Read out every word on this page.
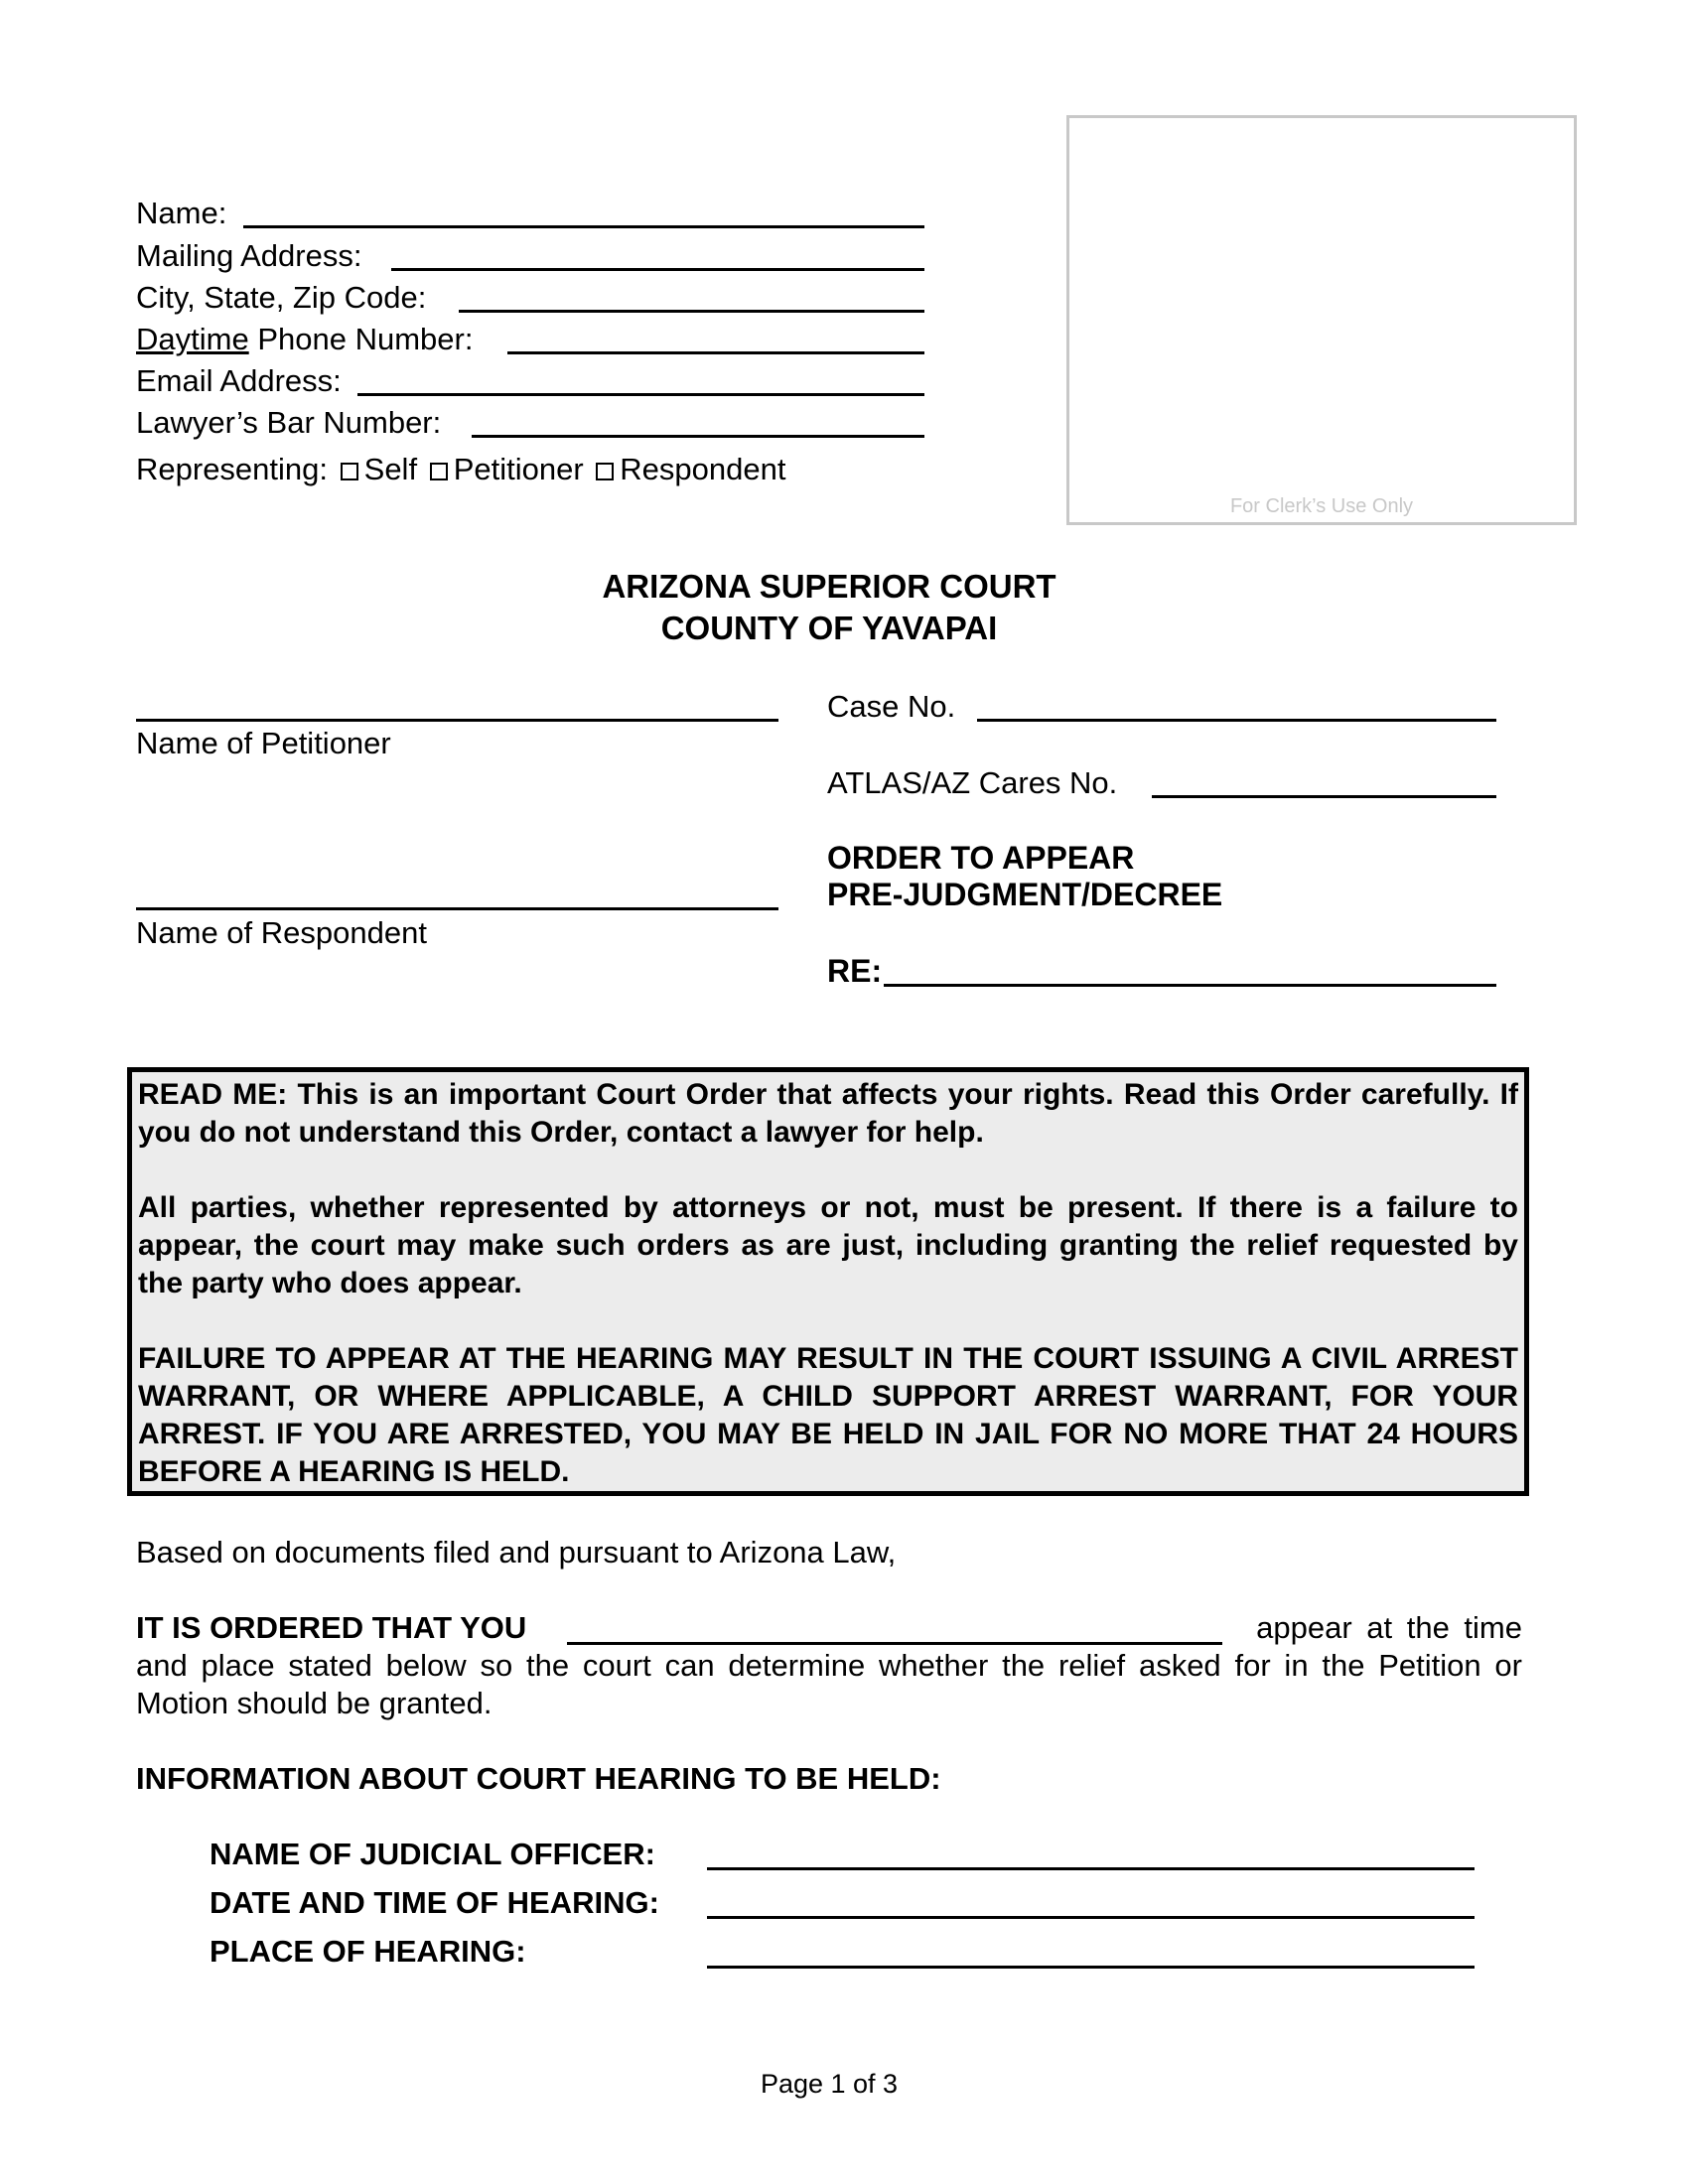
Name:
Mailing Address:
City, State, Zip Code:
Daytime Phone Number:
Email Address:
Lawyer’s Bar Number:
Representing: Self Petitioner Respondent
For Clerk’s Use Only
ARIZONA SUPERIOR COURT
COUNTY OF YAVAPAI
Name of Petitioner
Name of Respondent
Case No.
ATLAS/AZ Cares No.
ORDER TO APPEAR
PRE-JUDGMENT/DECREE
RE:

READ ME: This is an important Court Order that affects your rights. Read this Order carefully. If you do not understand this Order, contact a lawyer for help.

All parties, whether represented by attorneys or not, must be present. If there is a failure to appear, the court may make such orders as are just, including granting the relief requested by the party who does appear.

FAILURE TO APPEAR AT THE HEARING MAY RESULT IN THE COURT ISSUING A CIVIL ARREST WARRANT, OR WHERE APPLICABLE, A CHILD SUPPORT ARREST WARRANT, FOR YOUR ARREST. IF YOU ARE ARRESTED, YOU MAY BE HELD IN JAIL FOR NO MORE THAT 24 HOURS BEFORE A HEARING IS HELD.

Based on documents filed and pursuant to Arizona Law,
IT IS ORDERED THAT YOU	appear at the time
and place stated below so the court can determine whether the relief asked for in the Petition or Motion should be granted.
INFORMATION ABOUT COURT HEARING TO BE HELD:
NAME OF JUDICIAL OFFICER:
DATE AND TIME OF HEARING:
PLACE OF HEARING:
Page 1 of 3
